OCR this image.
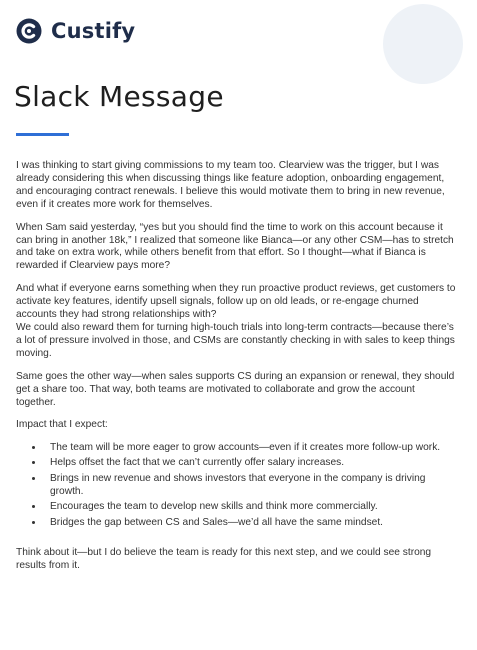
Custify
Slack Message

I was thinking to start giving commissions to my team too. Clearview was the trigger, but I was already considering this when discussing things like feature adoption, onboarding engagement, and encouraging contract renewals. I believe this would motivate them to bring in new revenue, even if it creates more work for themselves.

When Sam said yesterday, “yes but you should find the time to work on this account because it can bring in another 18k,” I realized that someone like Bianca—or any other CSM—has to stretch and take on extra work, while others benefit from that effort. So I thought—what if Bianca is rewarded if Clearview pays more?

And what if everyone earns something when they run proactive product reviews, get customers to activate key features, identify upsell signals, follow up on old leads, or re-engage churned accounts they had strong relationships with?

We could also reward them for turning high-touch trials into long-term contracts—because there’s a lot of pressure involved in those, and CSMs are constantly checking in with sales to keep things moving.

Same goes the other way—when sales supports CS during an expansion or renewal, they should get a share too. That way, both teams are motivated to collaborate and grow the account together.

Impact that I expect:

• The team will be more eager to grow accounts—even if it creates more follow-up work.
• Helps offset the fact that we can’t currently offer salary increases.
• Brings in new revenue and shows investors that everyone in the company is driving growth.
• Encourages the team to develop new skills and think more commercially.
• Bridges the gap between CS and Sales—we’d all have the same mindset.

Think about it—but I do believe the team is ready for this next step, and we could see strong results from it.
